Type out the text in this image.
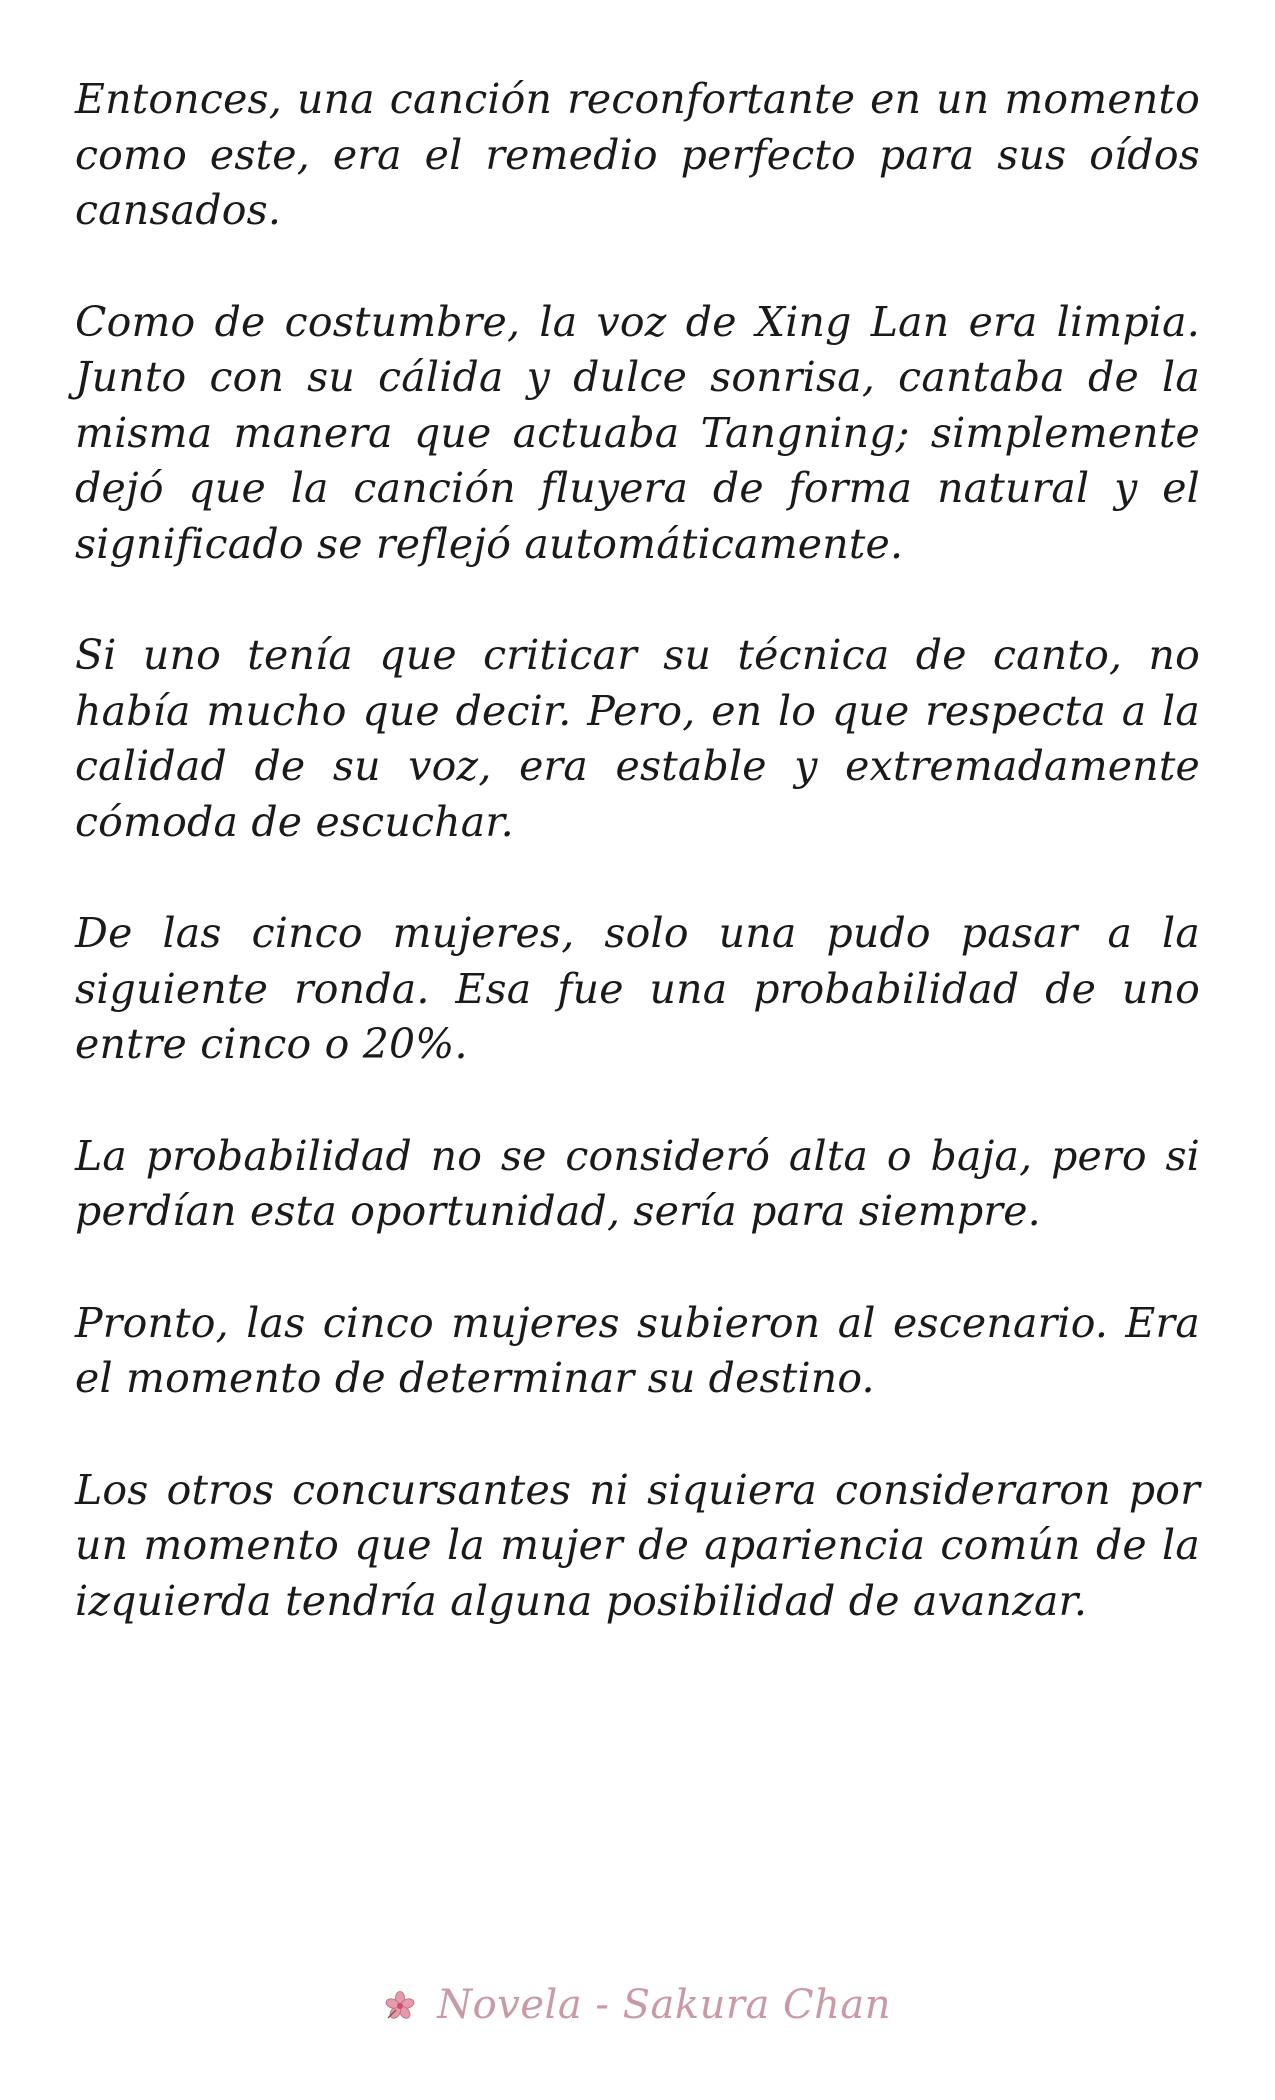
Entonces, una canción reconfortante en un momento como este, era el remedio perfecto para sus oídos cansados.

Como de costumbre, la voz de Xing Lan era limpia. Junto con su cálida y dulce sonrisa, cantaba de la misma manera que actuaba Tangning; simplemente dejó que la canción fluyera de forma natural y el significado se reflejó automáticamente.

Si uno tenía que criticar su técnica de canto, no había mucho que decir. Pero, en lo que respecta a la calidad de su voz, era estable y extremadamente cómoda de escuchar.

De las cinco mujeres, solo una pudo pasar a la siguiente ronda. Esa fue una probabilidad de uno entre cinco o 20%.

La probabilidad no se consideró alta o baja, pero si perdían esta oportunidad, sería para siempre.

Pronto, las cinco mujeres subieron al escenario. Era el momento de determinar su destino.

Los otros concursantes ni siquiera consideraron por un momento que la mujer de apariencia común de la izquierda tendría alguna posibilidad de avanzar.

Novela - Sakura Chan
